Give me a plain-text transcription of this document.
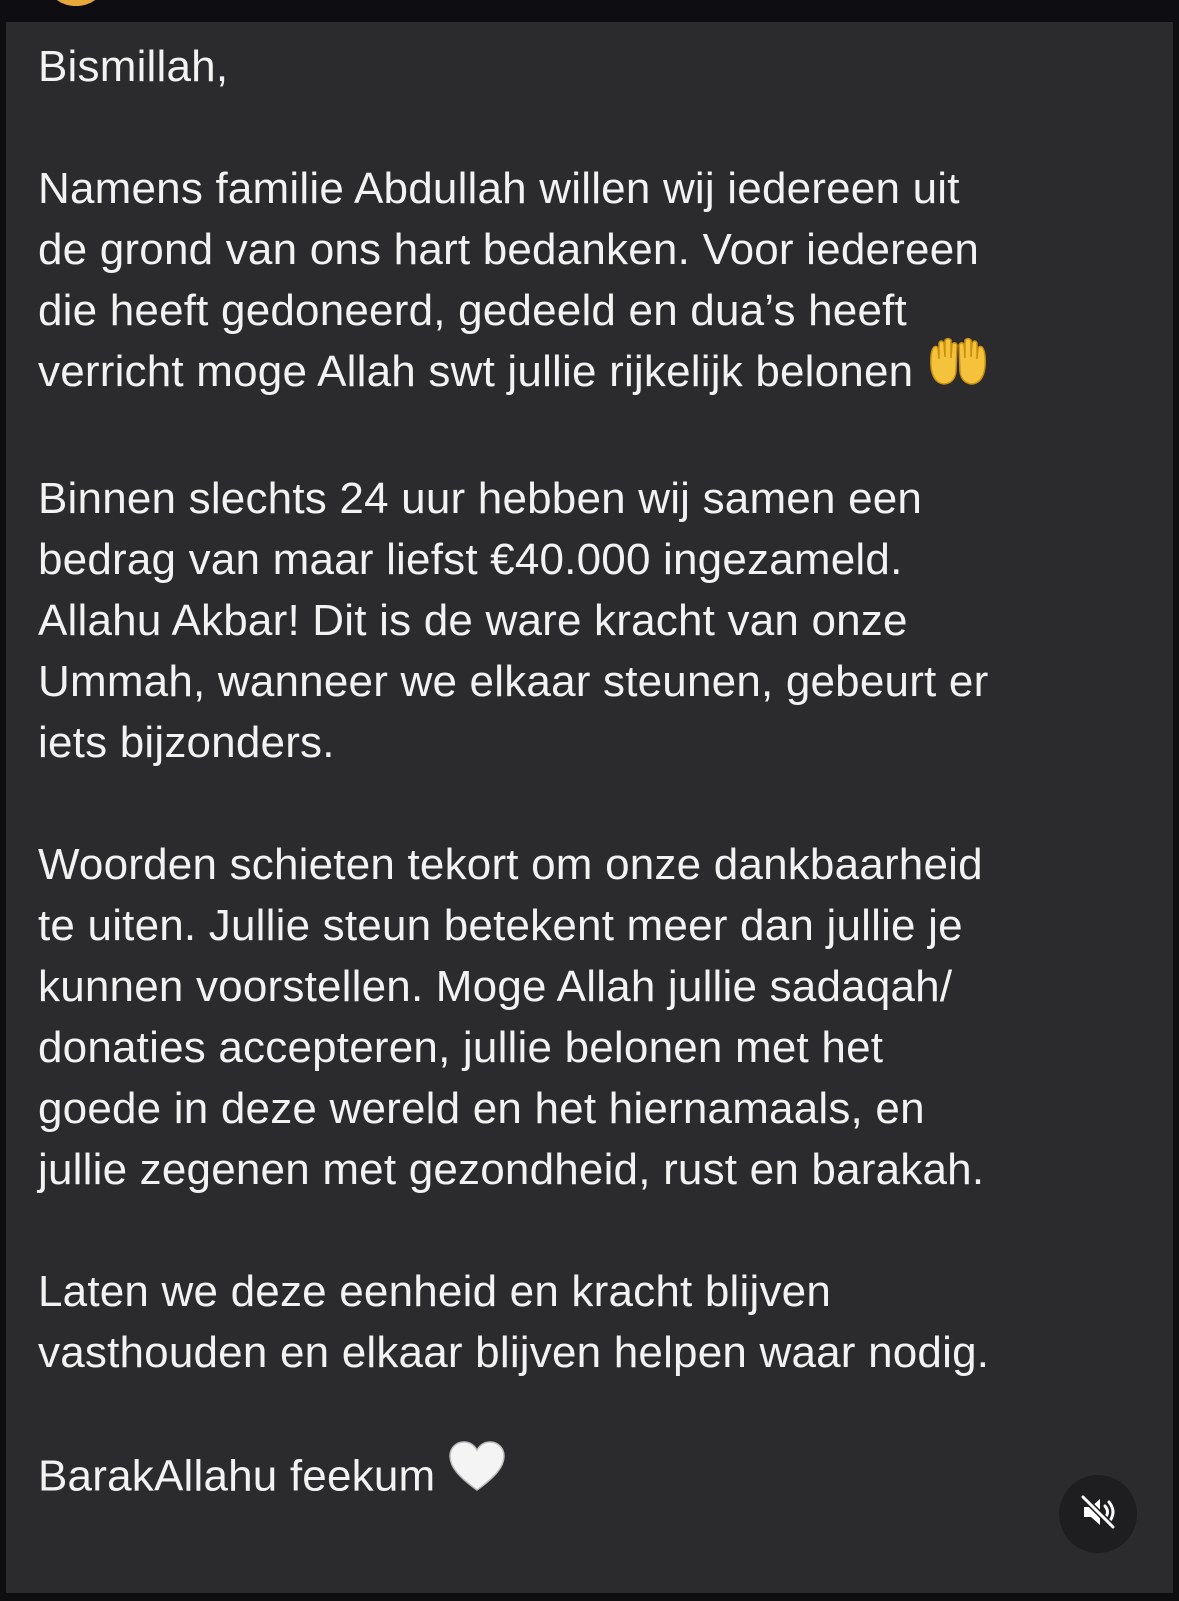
Bismillah,

Namens familie Abdullah willen wij iedereen uit
de grond van ons hart bedanken. Voor iedereen
die heeft gedoneerd, gedeeld en dua’s heeft
verricht moge Allah swt jullie rijkelijk belonen

Binnen slechts 24 uur hebben wij samen een
bedrag van maar liefst €40.000 ingezameld.
Allahu Akbar! Dit is de ware kracht van onze
Ummah, wanneer we elkaar steunen, gebeurt er
iets bijzonders.

Woorden schieten tekort om onze dankbaarheid
te uiten. Jullie steun betekent meer dan jullie je
kunnen voorstellen. Moge Allah jullie sadaqah/
donaties accepteren, jullie belonen met het
goede in deze wereld en het hiernamaals, en
jullie zegenen met gezondheid, rust en barakah.

Laten we deze eenheid en kracht blijven
vasthouden en elkaar blijven helpen waar nodig.

BarakAllahu feekum
